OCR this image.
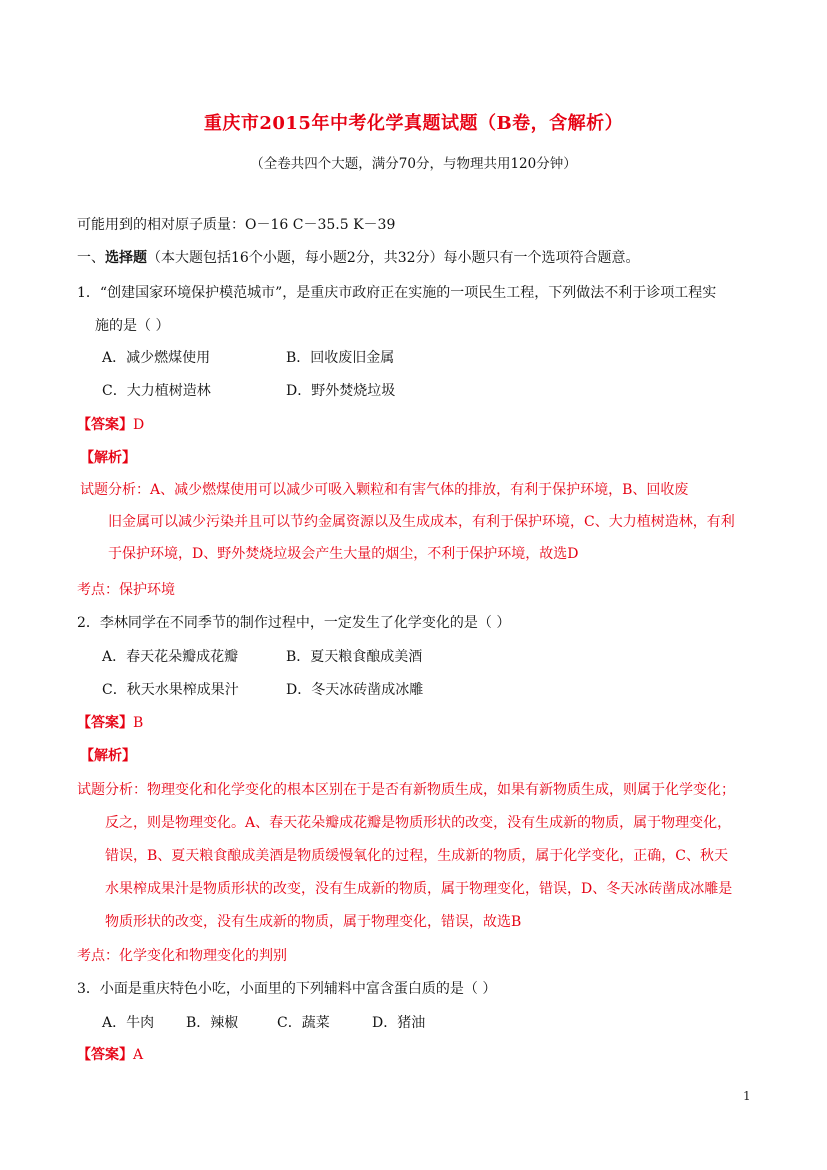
重庆市2015年中考化学真题试题（B卷，含解析）
（全卷共四个大题，满分70分，与物理共用120分钟）
可能用到的相对原子质量：O－16 C－35.5 K－39
一、选择题（本大题包括16个小题，每小题2分，共32分）每小题只有一个选项符合题意。
1．“创建国家环境保护模范城市”，是重庆市政府正在实施的一项民生工程，下列做法不利于诊项工程实
施的是（ ）
A．减少燃煤使用	B．回收废旧金属
C．大力植树造林	D．野外焚烧垃圾
【答案】D
【解析】
试题分析：A、减少燃煤使用可以减少可吸入颗粒和有害气体的排放，有利于保护环境，B、回收废
旧金属可以减少污染并且可以节约金属资源以及生成成本，有利于保护环境，C、大力植树造林，有利
于保护环境，D、野外焚烧垃圾会产生大量的烟尘，不利于保护环境，故选D
考点：保护环境
2．李林同学在不同季节的制作过程中，一定发生了化学变化的是（ ）
A．春天花朵瓣成花瓣	B．夏天粮食酿成美酒
C．秋天水果榨成果汁	D．冬天冰砖凿成冰雕
【答案】B
【解析】
试题分析：物理变化和化学变化的根本区别在于是否有新物质生成，如果有新物质生成，则属于化学变化；
反之，则是物理变化。A、春天花朵瓣成花瓣是物质形状的改变，没有生成新的物质，属于物理变化，
错误，B、夏天粮食酿成美酒是物质缓慢氧化的过程，生成新的物质，属于化学变化，正确，C、秋天
水果榨成果汁是物质形状的改变，没有生成新的物质，属于物理变化，错误，D、冬天冰砖凿成冰雕是
物质形状的改变，没有生成新的物质，属于物理变化，错误，故选B
考点：化学变化和物理变化的判别
3．小面是重庆特色小吃，小面里的下列辅料中富含蛋白质的是（ ）
A．牛肉 B．辣椒	C．蔬菜	D．猪油
【答案】A
1
